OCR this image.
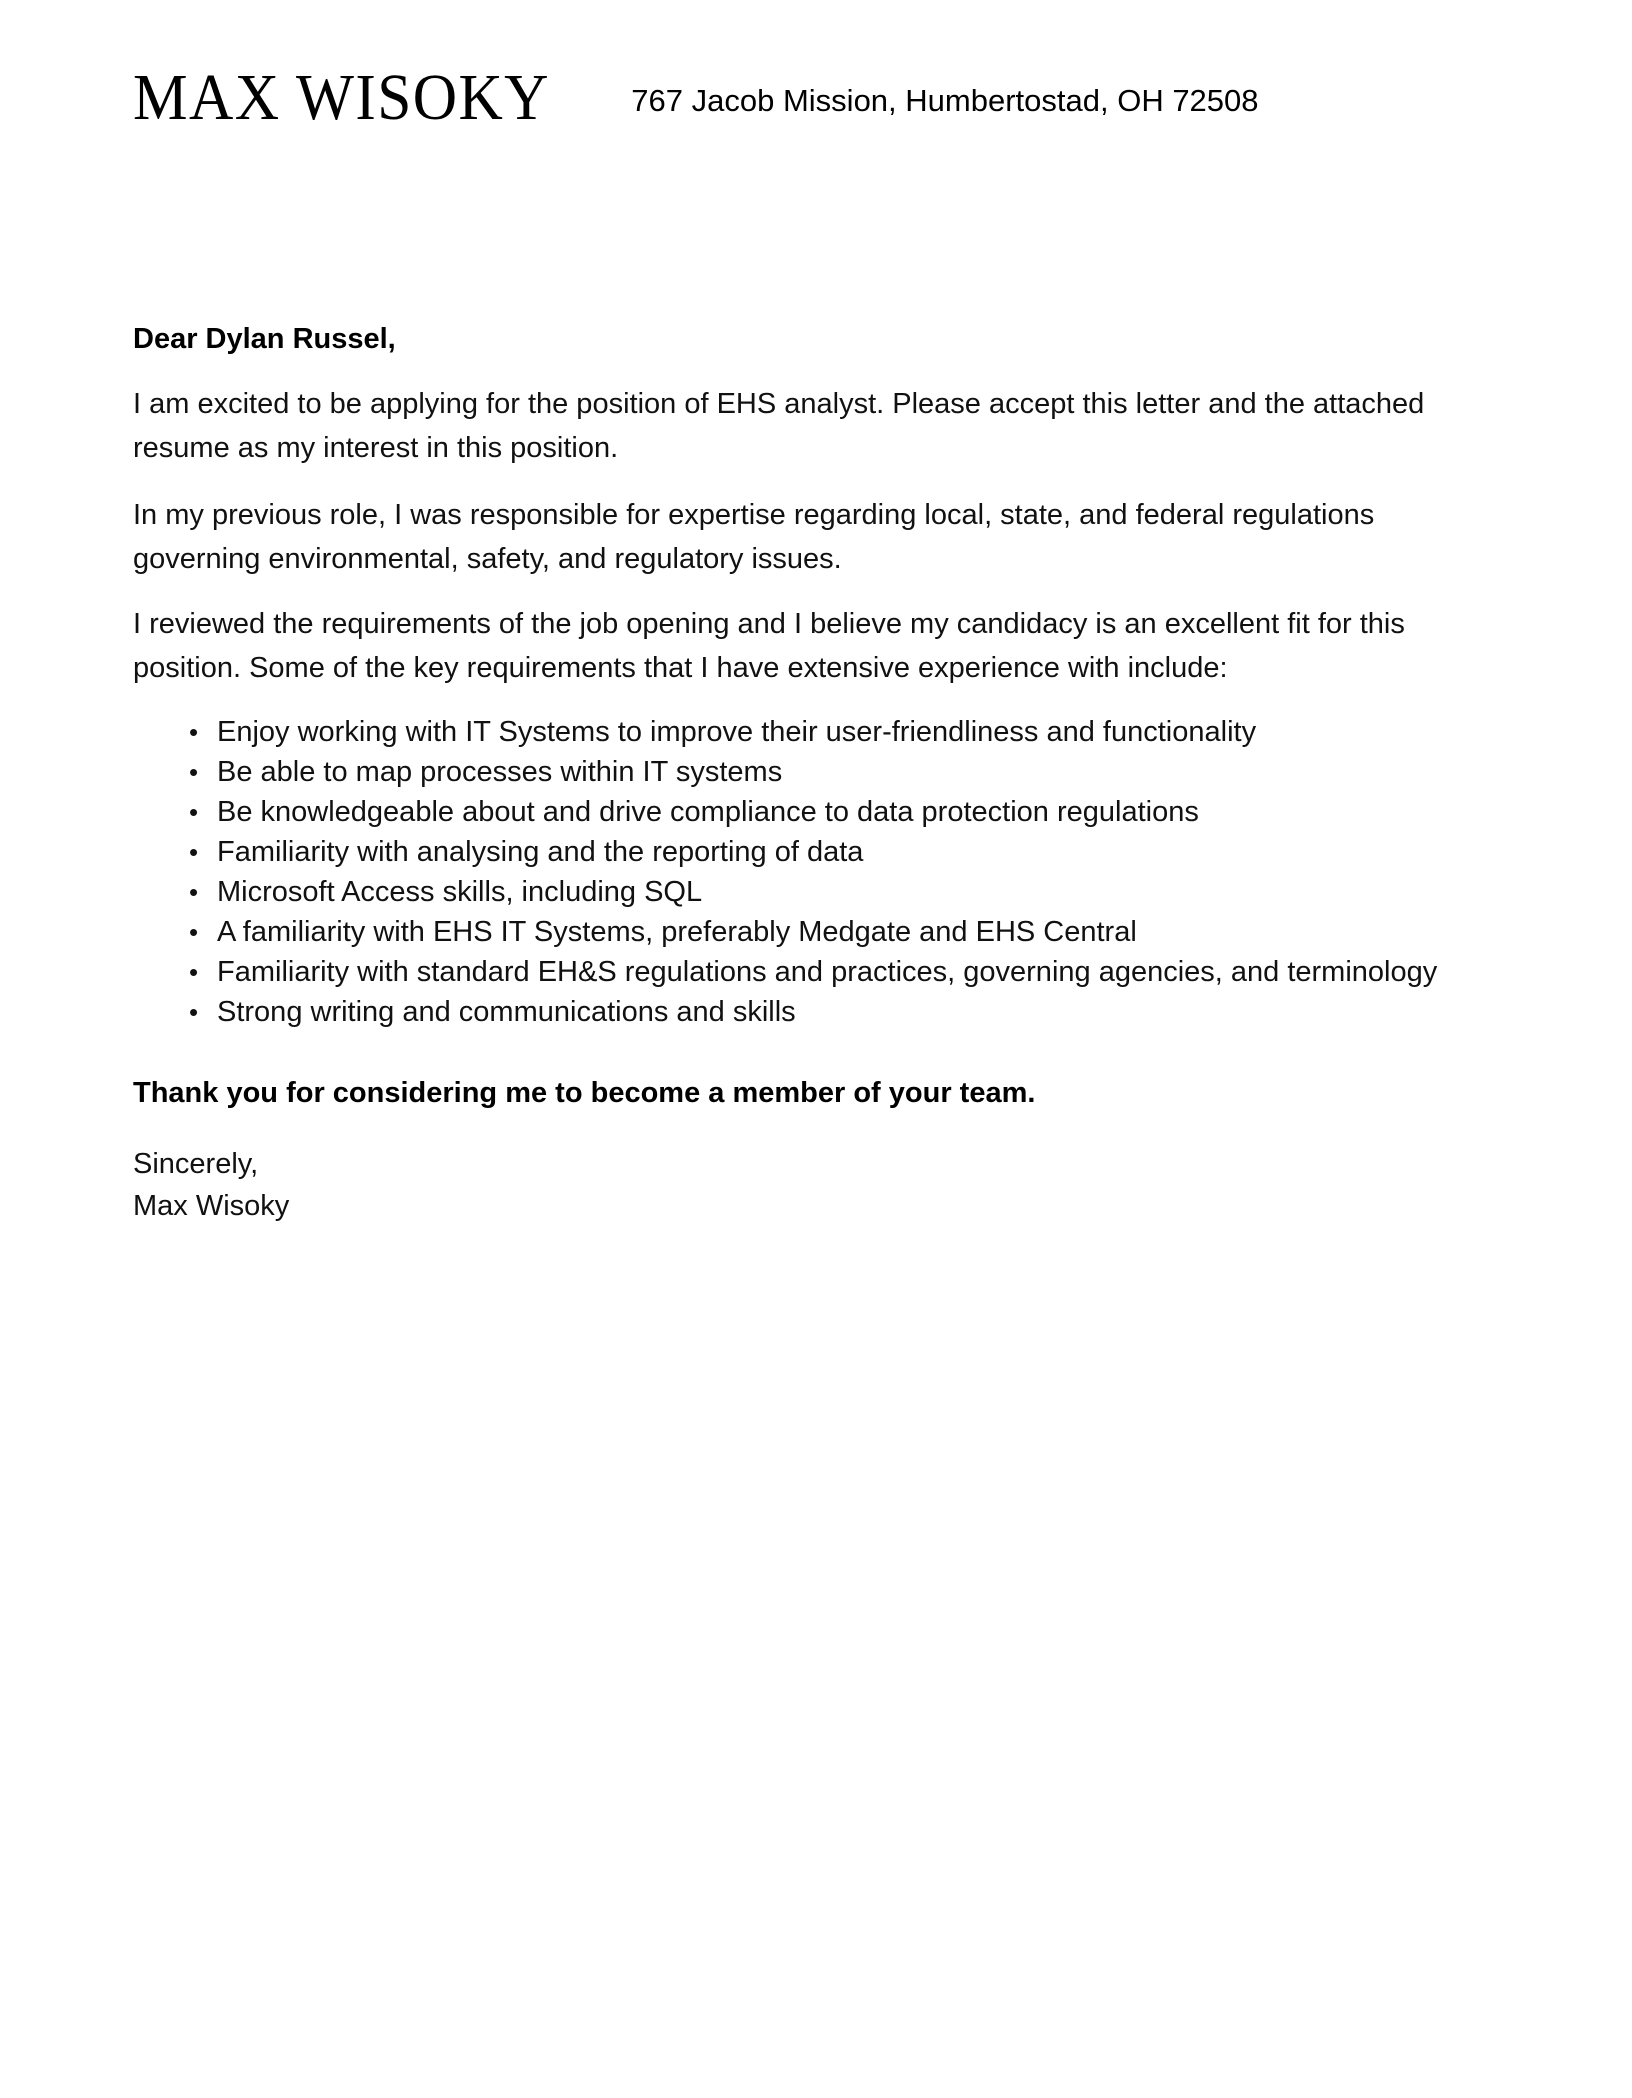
MAX WISOKY	767 Jacob Mission, Humbertostad, OH 72508

Dear Dylan Russel,

I am excited to be applying for the position of EHS analyst. Please accept this letter and the attached resume as my interest in this position.

In my previous role, I was responsible for expertise regarding local, state, and federal regulations governing environmental, safety, and regulatory issues.

I reviewed the requirements of the job opening and I believe my candidacy is an excellent fit for this position. Some of the key requirements that I have extensive experience with include:

• Enjoy working with IT Systems to improve their user-friendliness and functionality
• Be able to map processes within IT systems
• Be knowledgeable about and drive compliance to data protection regulations
• Familiarity with analysing and the reporting of data
• Microsoft Access skills, including SQL
• A familiarity with EHS IT Systems, preferably Medgate and EHS Central
• Familiarity with standard EH&S regulations and practices, governing agencies, and terminology
• Strong writing and communications and skills

Thank you for considering me to become a member of your team.

Sincerely,
Max Wisoky
